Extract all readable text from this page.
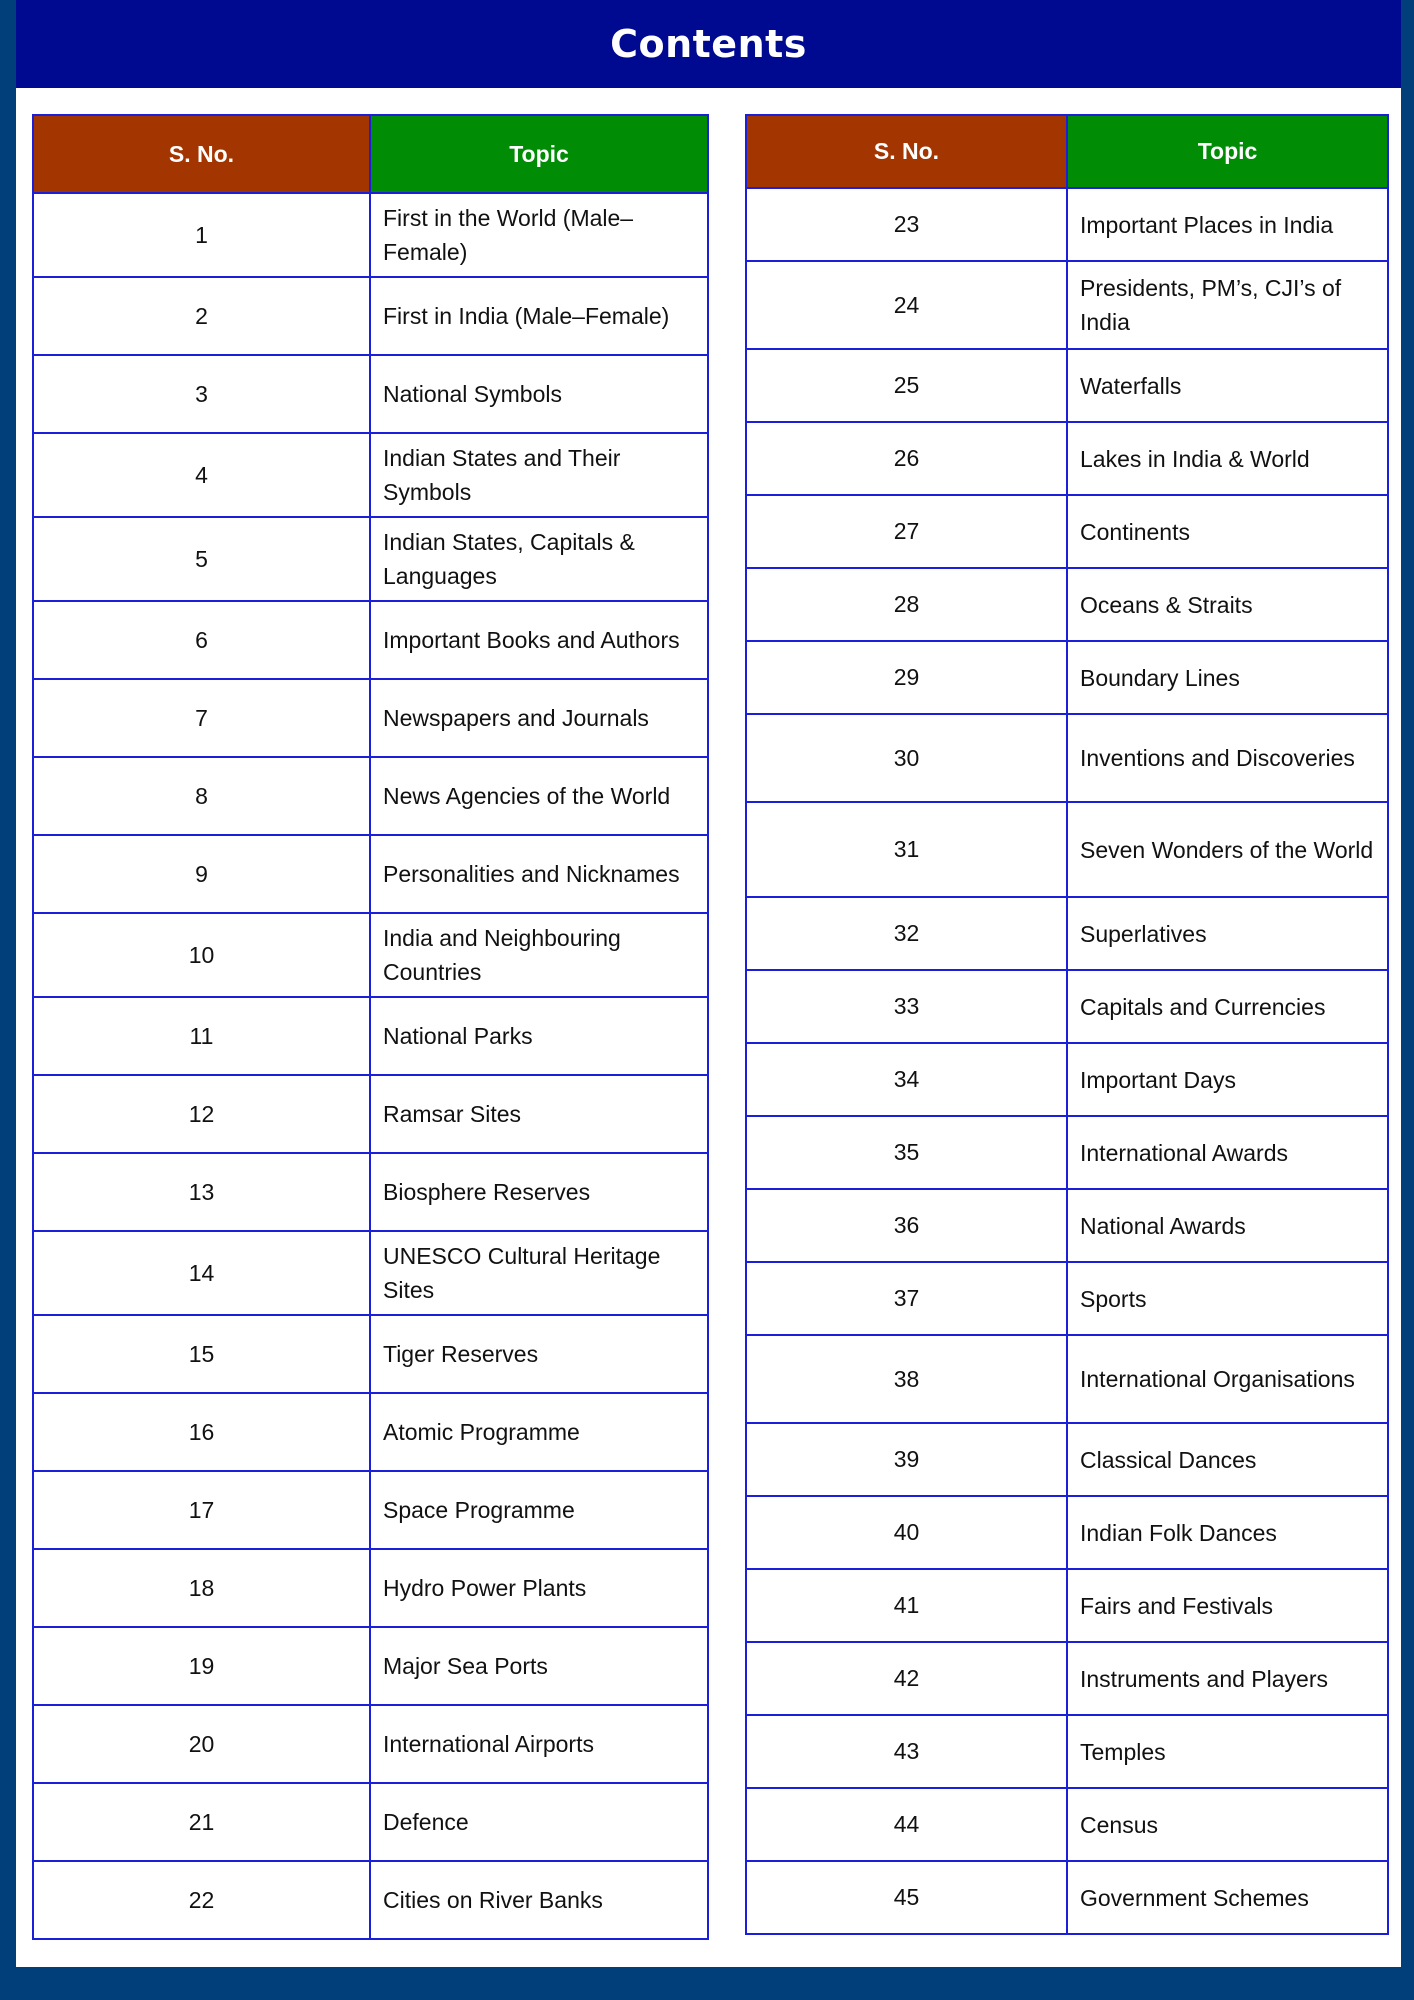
Contents
S. No.	Topic
1	First in the World (Male–Female)
2	First in India (Male–Female)
3	National Symbols
4	Indian States and Their Symbols
5	Indian States, Capitals & Languages
6	Important Books and Authors
7	Newspapers and Journals
8	News Agencies of the World
9	Personalities and Nicknames
10	India and Neighbouring Countries
11	National Parks
12	Ramsar Sites
13	Biosphere Reserves
14	UNESCO Cultural Heritage Sites
15	Tiger Reserves
16	Atomic Programme
17	Space Programme
18	Hydro Power Plants
19	Major Sea Ports
20	International Airports
21	Defence
22	Cities on River Banks
S. No.	Topic
23	Important Places in India
24	Presidents, PM’s, CJI’s of India
25	Waterfalls
26	Lakes in India & World
27	Continents
28	Oceans & Straits
29	Boundary Lines
30	Inventions and Discoveries
31	Seven Wonders of the World
32	Superlatives
33	Capitals and Currencies
34	Important Days
35	International Awards
36	National Awards
37	Sports
38	International Organisations
39	Classical Dances
40	Indian Folk Dances
41	Fairs and Festivals
42	Instruments and Players
43	Temples
44	Census
45	Government Schemes
